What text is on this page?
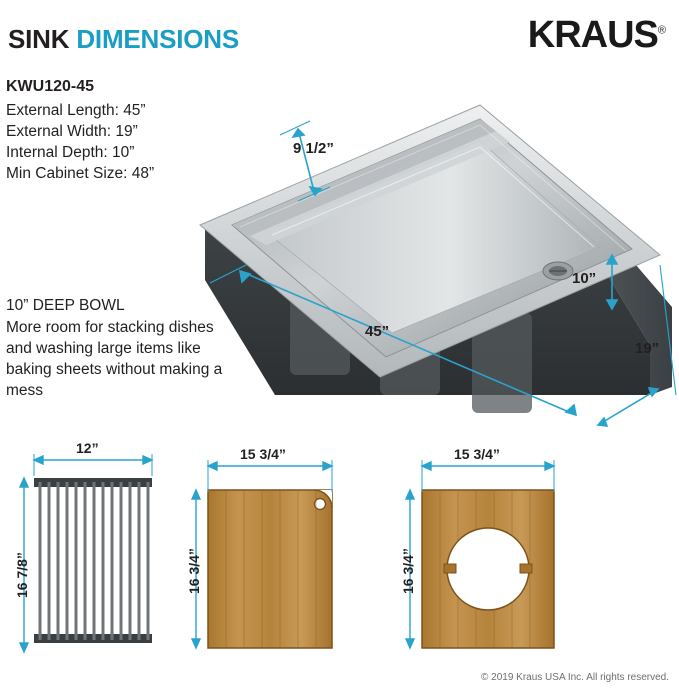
SINK DIMENSIONS	KRAUS®
KWU120-45
External Length: 45”
External Width: 19”
Internal Depth: 10”
Min Cabinet Size: 48”
10” DEEP BOWL
More room for stacking dishes and washing large items like baking sheets without making a mess
9 1/2”
10”
45”
19”
12”
16 7/8”
15 3/4”
16 3/4”
15 3/4”
16 3/4”
© 2019 Kraus USA Inc. All rights reserved.
